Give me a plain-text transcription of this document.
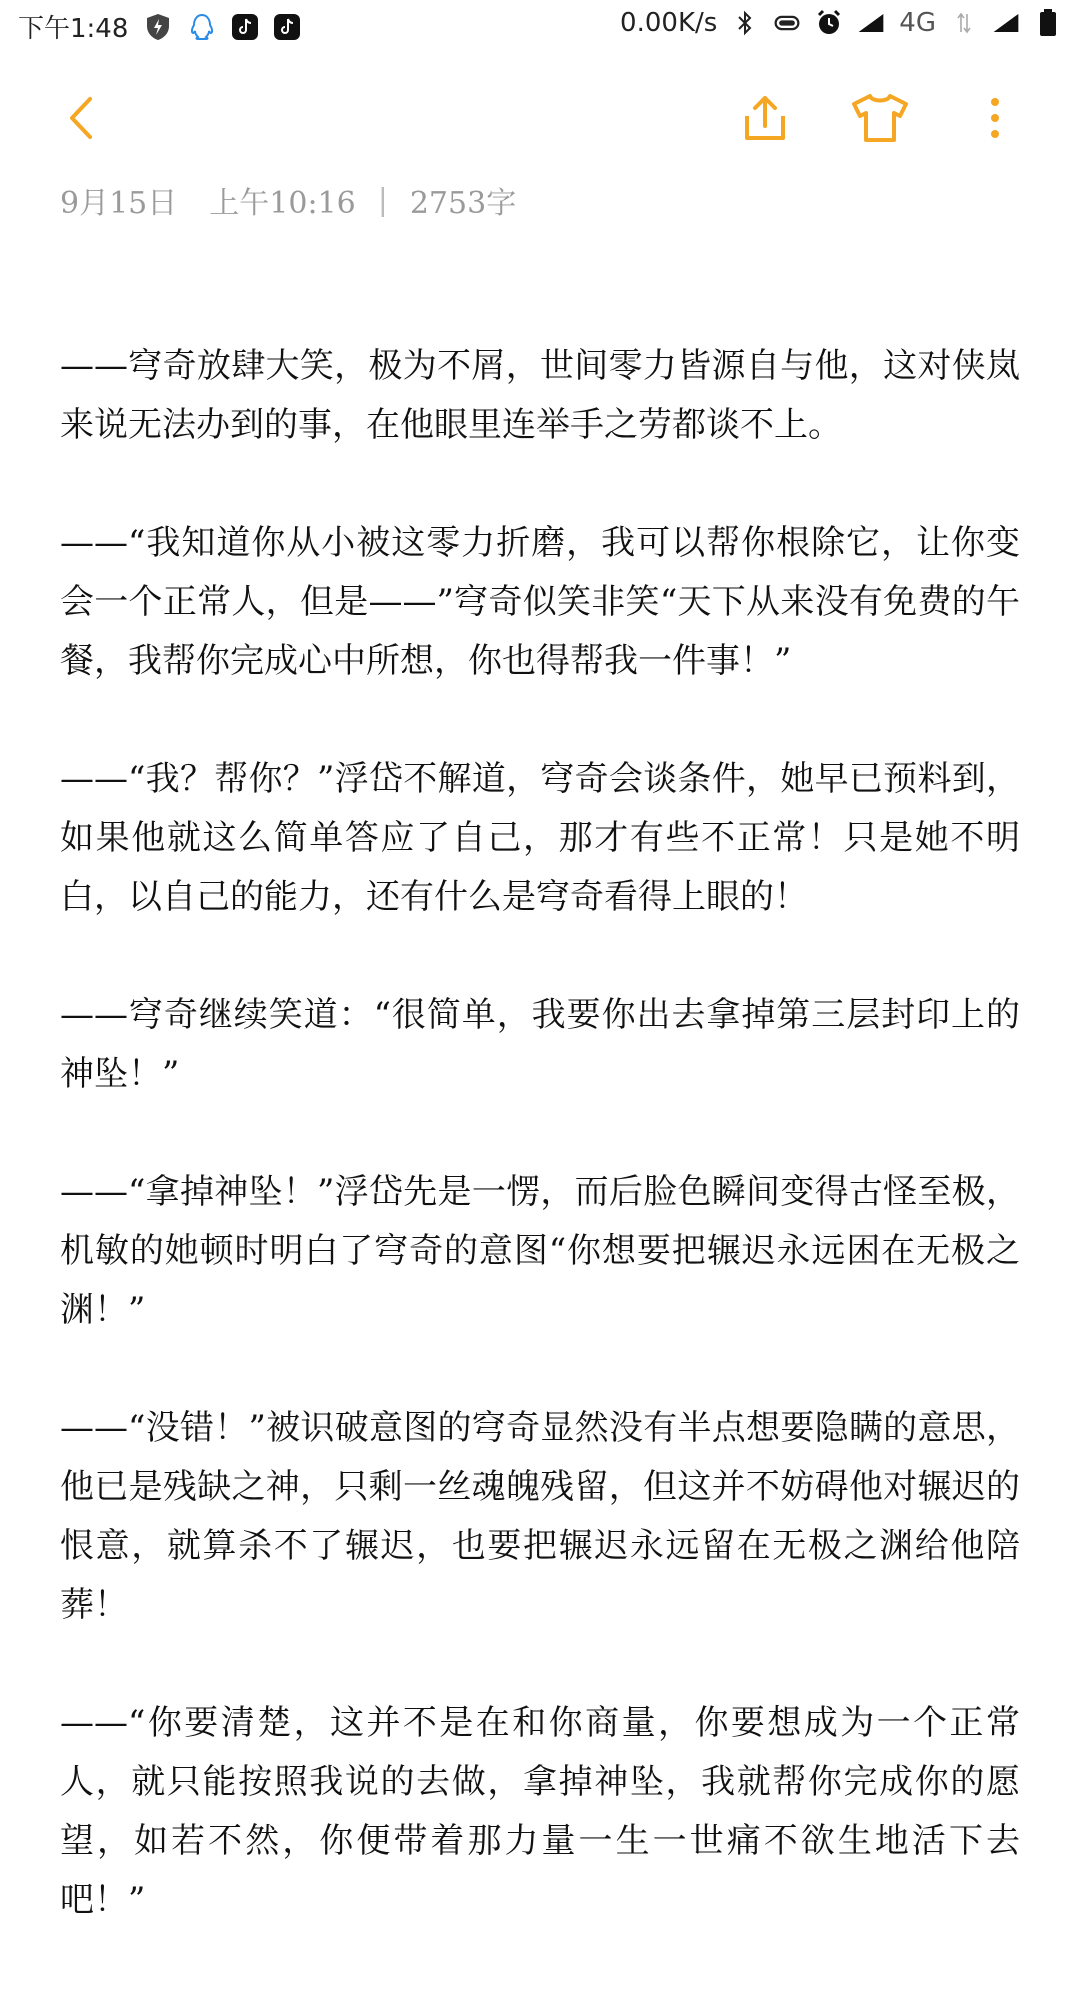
下午1:48	0.00K/s	4G
9月15日 上午10:16 | 2753字

——穹奇放肆大笑，极为不屑，世间零力皆源自与他，这对侠岚来说无法办到的事，在他眼里连举手之劳都谈不上。

——“我知道你从小被这零力折磨，我可以帮你根除它，让你变会一个正常人，但是——”穹奇似笑非笑“天下从来没有免费的午餐，我帮你完成心中所想，你也得帮我一件事！”

——“我？帮你？”浮岱不解道，穹奇会谈条件，她早已预料到，如果他就这么简单答应了自己，那才有些不正常！只是她不明白，以自己的能力，还有什么是穹奇看得上眼的！

——穹奇继续笑道：“很简单，我要你出去拿掉第三层封印上的神坠！”

——“拿掉神坠！”浮岱先是一愣，而后脸色瞬间变得古怪至极，机敏的她顿时明白了穹奇的意图“你想要把辗迟永远困在无极之渊！”

——“没错！”被识破意图的穹奇显然没有半点想要隐瞒的意思，他已是残缺之神，只剩一丝魂魄残留，但这并不妨碍他对辗迟的恨意，就算杀不了辗迟，也要把辗迟永远留在无极之渊给他陪葬！

——“你要清楚，这并不是在和你商量，你要想成为一个正常人，就只能按照我说的去做，拿掉神坠，我就帮你完成你的愿望，如若不然，你便带着那力量一生一世痛不欲生地活下去吧！”
